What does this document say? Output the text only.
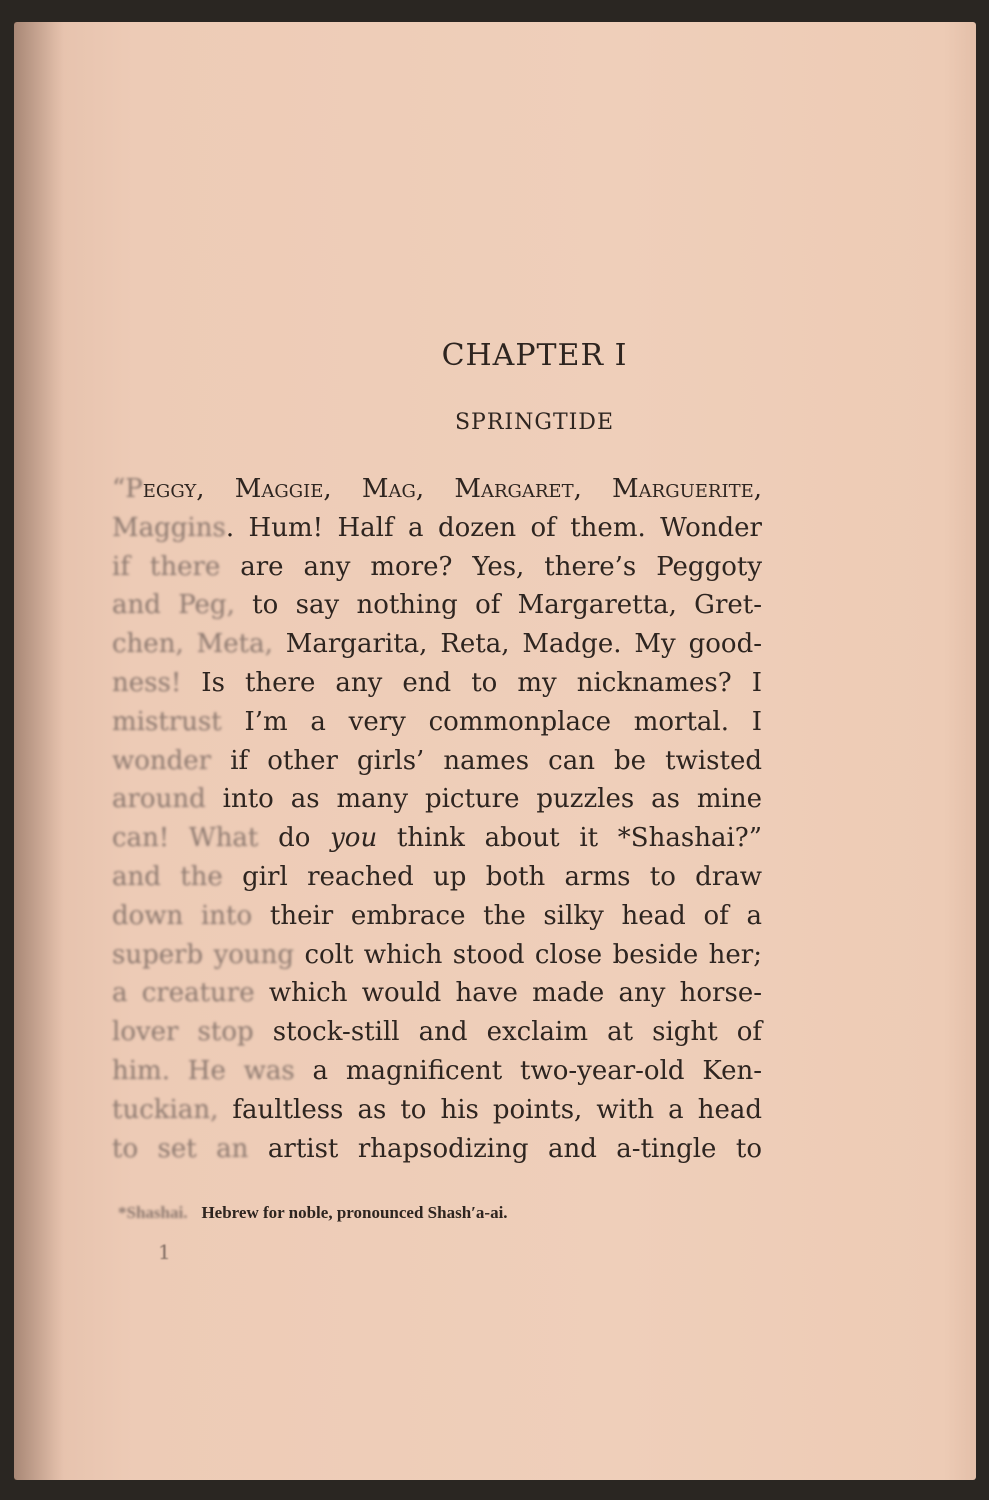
CHAPTER I
SPRINGTIDE
“Peggy, Maggie, Mag, Margaret, Marguerite,
Maggins. Hum! Half a dozen of them. Wonder
if there are any more? Yes, there’s Peggoty
and Peg, to say nothing of Margaretta, Gret-
chen, Meta, Margarita, Reta, Madge. My good-
ness! Is there any end to my nicknames? I
mistrust I’m a very commonplace mortal. I
wonder if other girls’ names can be twisted
around into as many picture puzzles as mine
can! What do you think about it *Shashai?”
and the girl reached up both arms to draw
down into their embrace the silky head of a
superb young colt which stood close beside her;
a creature which would have made any horse-
lover stop stock-still and exclaim at sight of
him. He was a magnificent two-year-old Ken-
tuckian, faultless as to his points, with a head
to set an artist rhapsodizing and a-tingle to
*Shashai. Hebrew for noble, pronounced Shash′a-ai.
1
